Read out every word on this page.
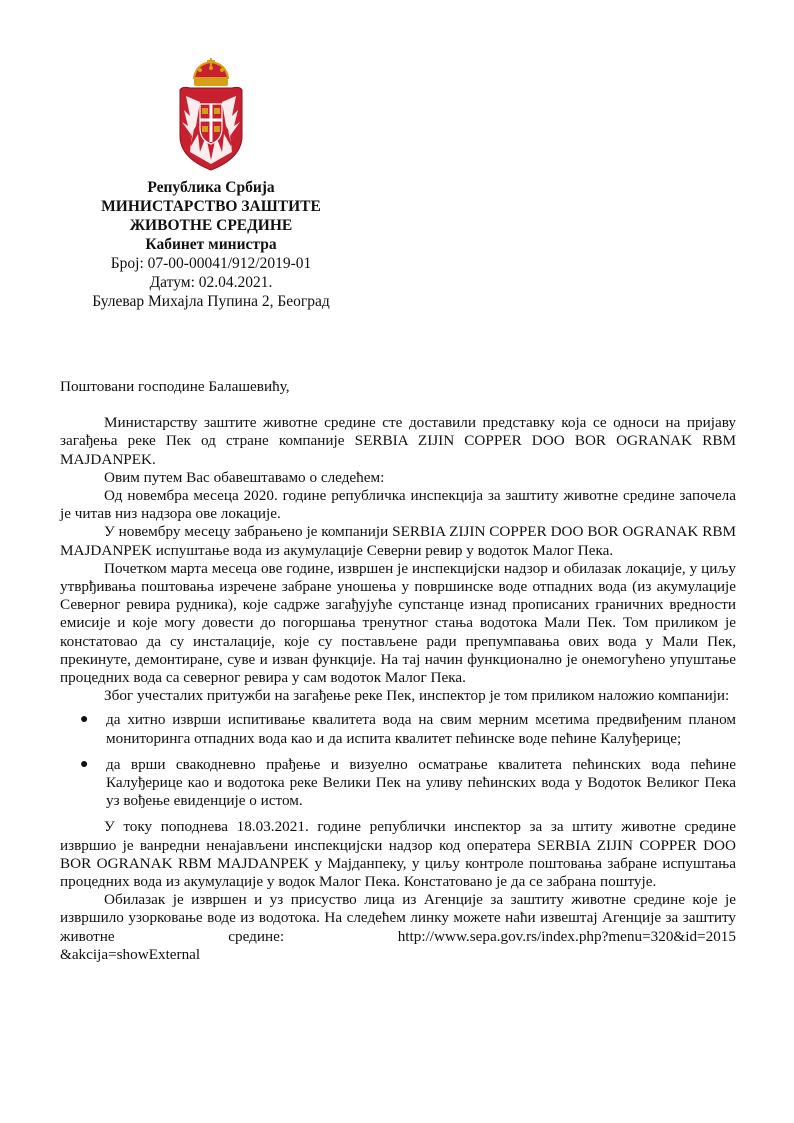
Република Србија
МИНИСТАРСТВО ЗАШТИТЕ
ЖИВОТНЕ СРЕДИНЕ
Кабинет министра
Број: 07-00-00041/912/2019-01
Датум: 02.04.2021.
Булевар Михајла Пупина 2, Београд

Поштовани господине Балашевићу,

Министарству заштите животне средине сте доставили представку која се односи на пријаву загађења реке Пек од стране компаније SERBIA ZIJIN COPPER DOO BOR OGRANAK RBM MAJDANPEK.

Овим путем Вас обавештавамо о следећем:

Од новембра месеца 2020. године републичка инспекција за заштиту животне средине започела је читав низ надзора ове локације.

У новембру месецу забрањено је компанији SERBIA ZIJIN COPPER DOO BOR OGRANAK RBM MAJDANPEK испуштање вода из акумулације Северни ревир у водоток Малог Пека.

Почетком марта месеца ове године, извршен је инспекцијски надзор и обилазак локације, у циљу утврђивања поштовања изречене забране уношења у површинске воде отпадних вода (из акумулације Северног ревира рудника), које садрже загађујуће супстанце изнад прописаних граничних вредности емисије и које могу довести до погоршања тренутног стања водотока Мали Пек. Том приликом је констатовао да су инсталације, које су постављене ради препумпавања ових вода у Мали Пек, прекинуте, демонтиране, суве и изван функције. На тај начин функционално је онемогућено упуштање процедних вода са северног ревира у сам водоток Малог Пека.

Због учесталих притужби на загађење реке Пек, инспектор је том приликом наложио компанији:

● да хитно изврши испитивање квалитета вода на свим мерним мсетима предвиђеним планом мониторинга отпадних вода као и да испита квалитет пећинске воде пећине Калуђерице;
● да врши свакодневно прађење и визуелно осматрање квалитета пећинских вода пећине Калуђерице као и водотока реке Велики Пек на уливу пећинских вода у Водоток Великог Пека уз вођење евиденције о истом.

У току поподнева 18.03.2021. године републички инспектор за за штиту животне средине извршио је ванредни ненајављени инспекцијски надзор код оператера SERBIA ZIJIN COPPER DOO BOR OGRANAK RBM MAJDANPEK у Мајданпеку, у циљу контроле поштовања забране испуштања процедних вода из акумулације у водок Малог Пека. Констатовано је да се забрана поштује.

Обилазак је извршен и уз присуство лица из Агенције за заштиту животне средине које је извршило узорковање воде из водотока. На следећем линку можете наћи извештај Агенције за заштиту животне средине: http://www.sepa.gov.rs/index.php?menu=320&id=2015

&akcija=showExternal
